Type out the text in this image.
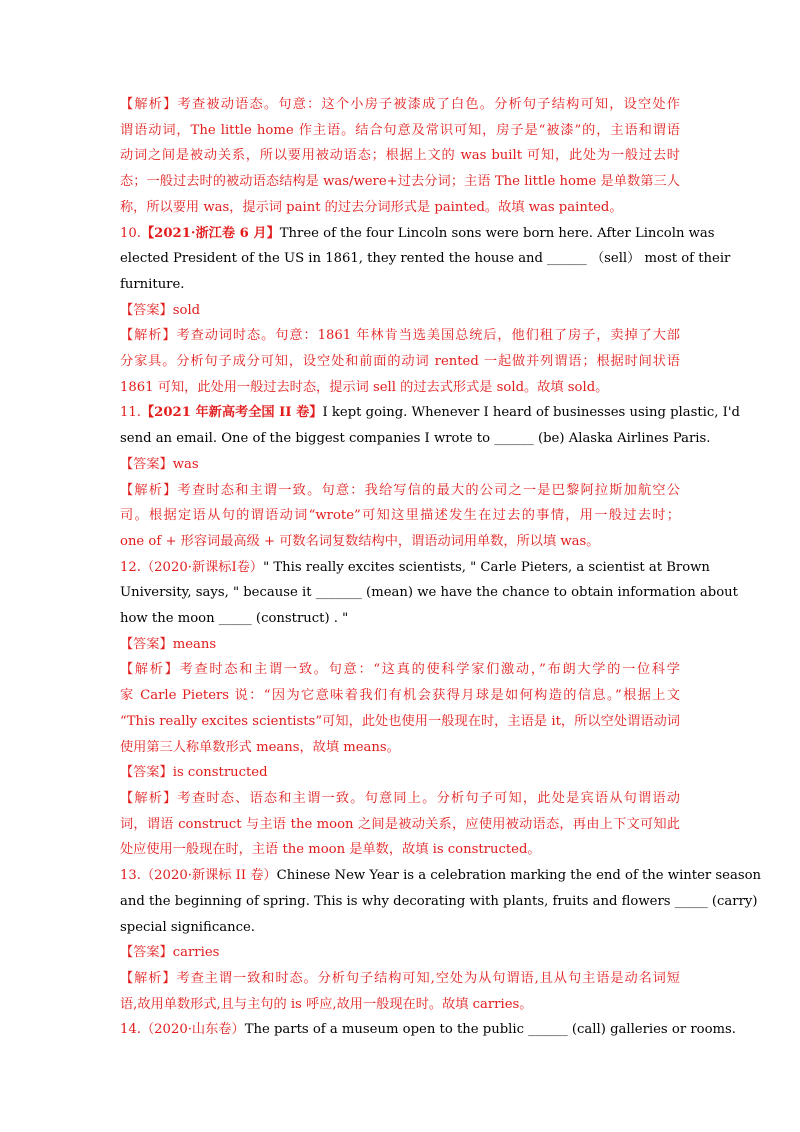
【解析】考查被动语态。句意：这个小房子被漆成了白色。分析句子结构可知，设空处作
谓语动词，The little home 作主语。结合句意及常识可知，房子是“被漆”的，主语和谓语
动词之间是被动关系，所以要用被动语态；根据上文的 was built 可知，此处为一般过去时
态；一般过去时的被动语态结构是 was/were+过去分词；主语 The little home 是单数第三人
称，所以要用 was，提示词 paint 的过去分词形式是 painted。故填 was painted。
10.【2021·浙江卷 6 月】Three of the four Lincoln sons were born here. After Lincoln was
elected President of the US in 1861, they rented the house and ______ （sell） most of their
furniture.
【答案】sold
【解析】考查动词时态。句意：1861 年林肯当选美国总统后，他们租了房子，卖掉了大部
分家具。分析句子成分可知，设空处和前面的动词 rented 一起做并列谓语；根据时间状语
1861 可知，此处用一般过去时态，提示词 sell 的过去式形式是 sold。故填 sold。
11.【2021 年新高考全国 II 卷】I kept going. Whenever I heard of businesses using plastic, I'd
send an email. One of the biggest companies I wrote to ______ (be) Alaska Airlines Paris.
【答案】was
【解析】考查时态和主谓一致。句意：我给写信的最大的公司之一是巴黎阿拉斯加航空公
司。根据定语从句的谓语动词“wrote”可知这里描述发生在过去的事情，用一般过去时；
one of + 形容词最高级 + 可数名词复数结构中，谓语动词用单数，所以填 was。
12.（2020·新课标I卷）" This really excites scientists, " Carle Pieters, a scientist at Brown
University, says, " because it _______ (mean) we have the chance to obtain information about
how the moon _____ (construct) . "
【答案】means
【解析】考查时态和主谓一致。句意：“这真的使科学家们激动，”布朗大学的一位科学
家 Carle Pieters 说：“因为它意味着我们有机会获得月球是如何构造的信息。”根据上文
“This really excites scientists”可知，此处也使用一般现在时，主语是 it，所以空处谓语动词
使用第三人称单数形式 means，故填 means。
【答案】is constructed
【解析】考查时态、语态和主谓一致。句意同上。分析句子可知，此处是宾语从句谓语动
词，谓语 construct 与主语 the moon 之间是被动关系，应使用被动语态，再由上下文可知此
处应使用一般现在时，主语 the moon 是单数，故填 is constructed。
13.（2020·新课标 II 卷）Chinese New Year is a celebration marking the end of the winter season
and the beginning of spring. This is why decorating with plants, fruits and flowers _____ (carry)
special significance.
【答案】carries
【解析】考查主谓一致和时态。分析句子结构可知,空处为从句谓语,且从句主语是动名词短
语,故用单数形式,且与主句的 is 呼应,故用一般现在时。故填 carries。
14.（2020·山东卷）The parts of a museum open to the public ______ (call) galleries or rooms.
